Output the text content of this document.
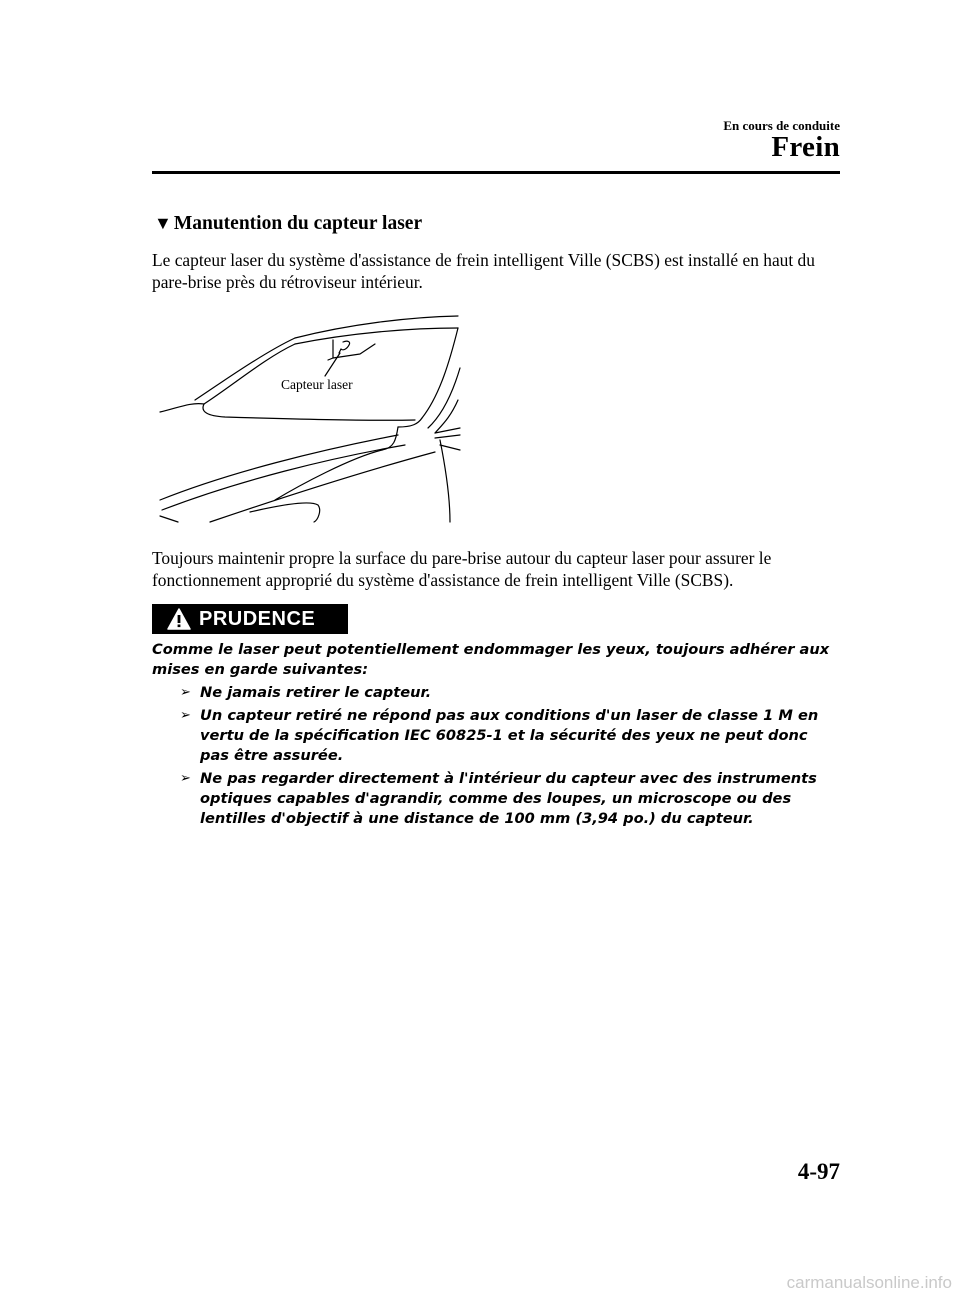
En cours de conduite
Frein
▼ Manutention du capteur laser
Le capteur laser du système d'assistance de frein intelligent Ville (SCBS) est installé en haut du pare-brise près du rétroviseur intérieur.
Capteur laser
Toujours maintenir propre la surface du pare-brise autour du capteur laser pour assurer le fonctionnement approprié du système d'assistance de frein intelligent Ville (SCBS).
PRUDENCE
Comme le laser peut potentiellement endommager les yeux, toujours adhérer aux mises en garde suivantes:
➢ Ne jamais retirer le capteur.
➢ Un capteur retiré ne répond pas aux conditions d'un laser de classe 1 M en vertu de la spécification IEC 60825-1 et la sécurité des yeux ne peut donc pas être assurée.
➢ Ne pas regarder directement à l'intérieur du capteur avec des instruments optiques capables d'agrandir, comme des loupes, un microscope ou des lentilles d'objectif à une distance de 100 mm (3,94 po.) du capteur.
4-97
carmanualsonline.info
